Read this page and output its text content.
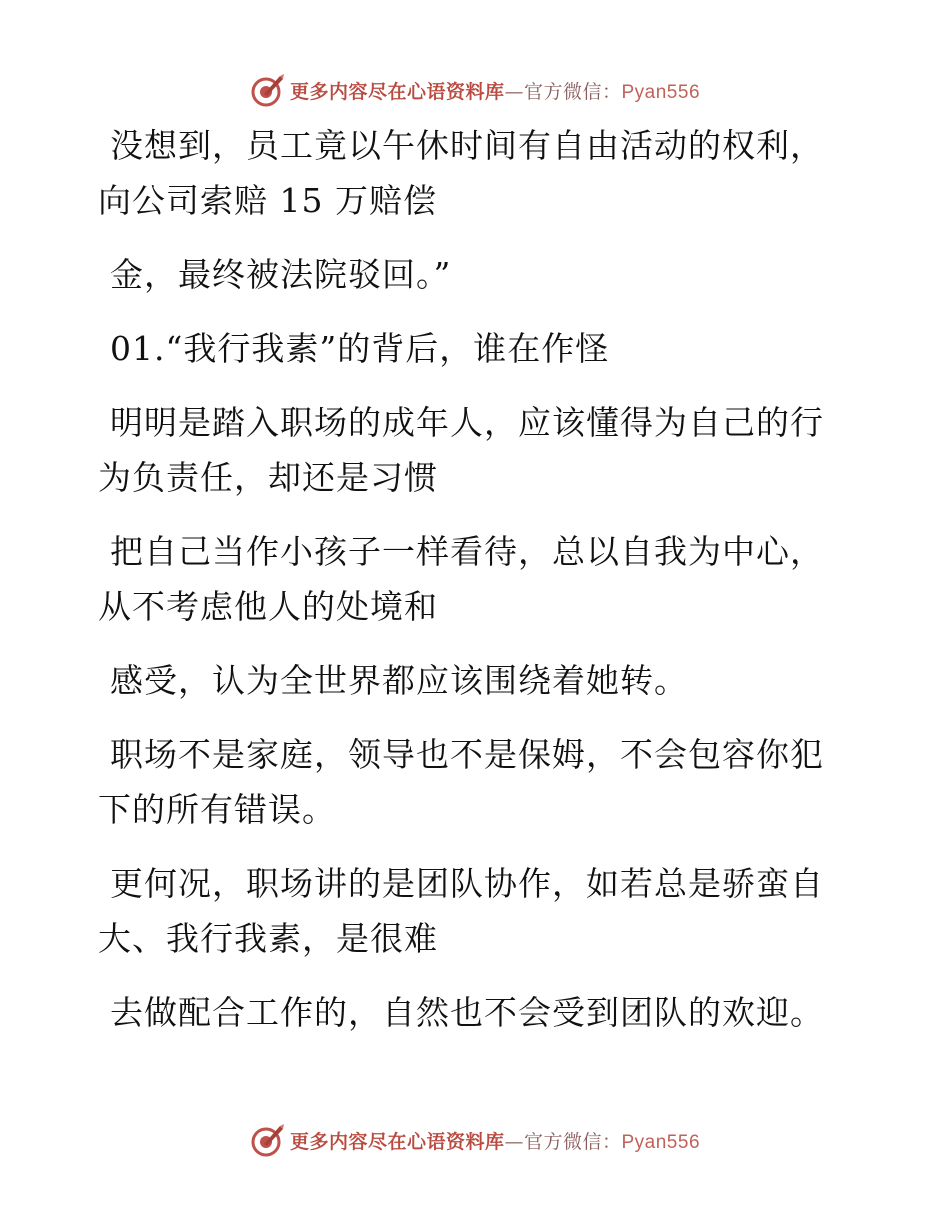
更多内容尽在心语资料库—官方微信：Pyan556

没想到，员工竟以午休时间有自由活动的权利，
向公司索赔 15 万赔偿

金，最终被法院驳回。”

01.“我行我素”的背后，谁在作怪

明明是踏入职场的成年人，应该懂得为自己的行
为负责任，却还是习惯

把自己当作小孩子一样看待，总以自我为中心，
从不考虑他人的处境和

感受，认为全世界都应该围绕着她转。

职场不是家庭，领导也不是保姆，不会包容你犯
下的所有错误。

更何况，职场讲的是团队协作，如若总是骄蛮自
大、我行我素，是很难

去做配合工作的，自然也不会受到团队的欢迎。

更多内容尽在心语资料库—官方微信：Pyan556
